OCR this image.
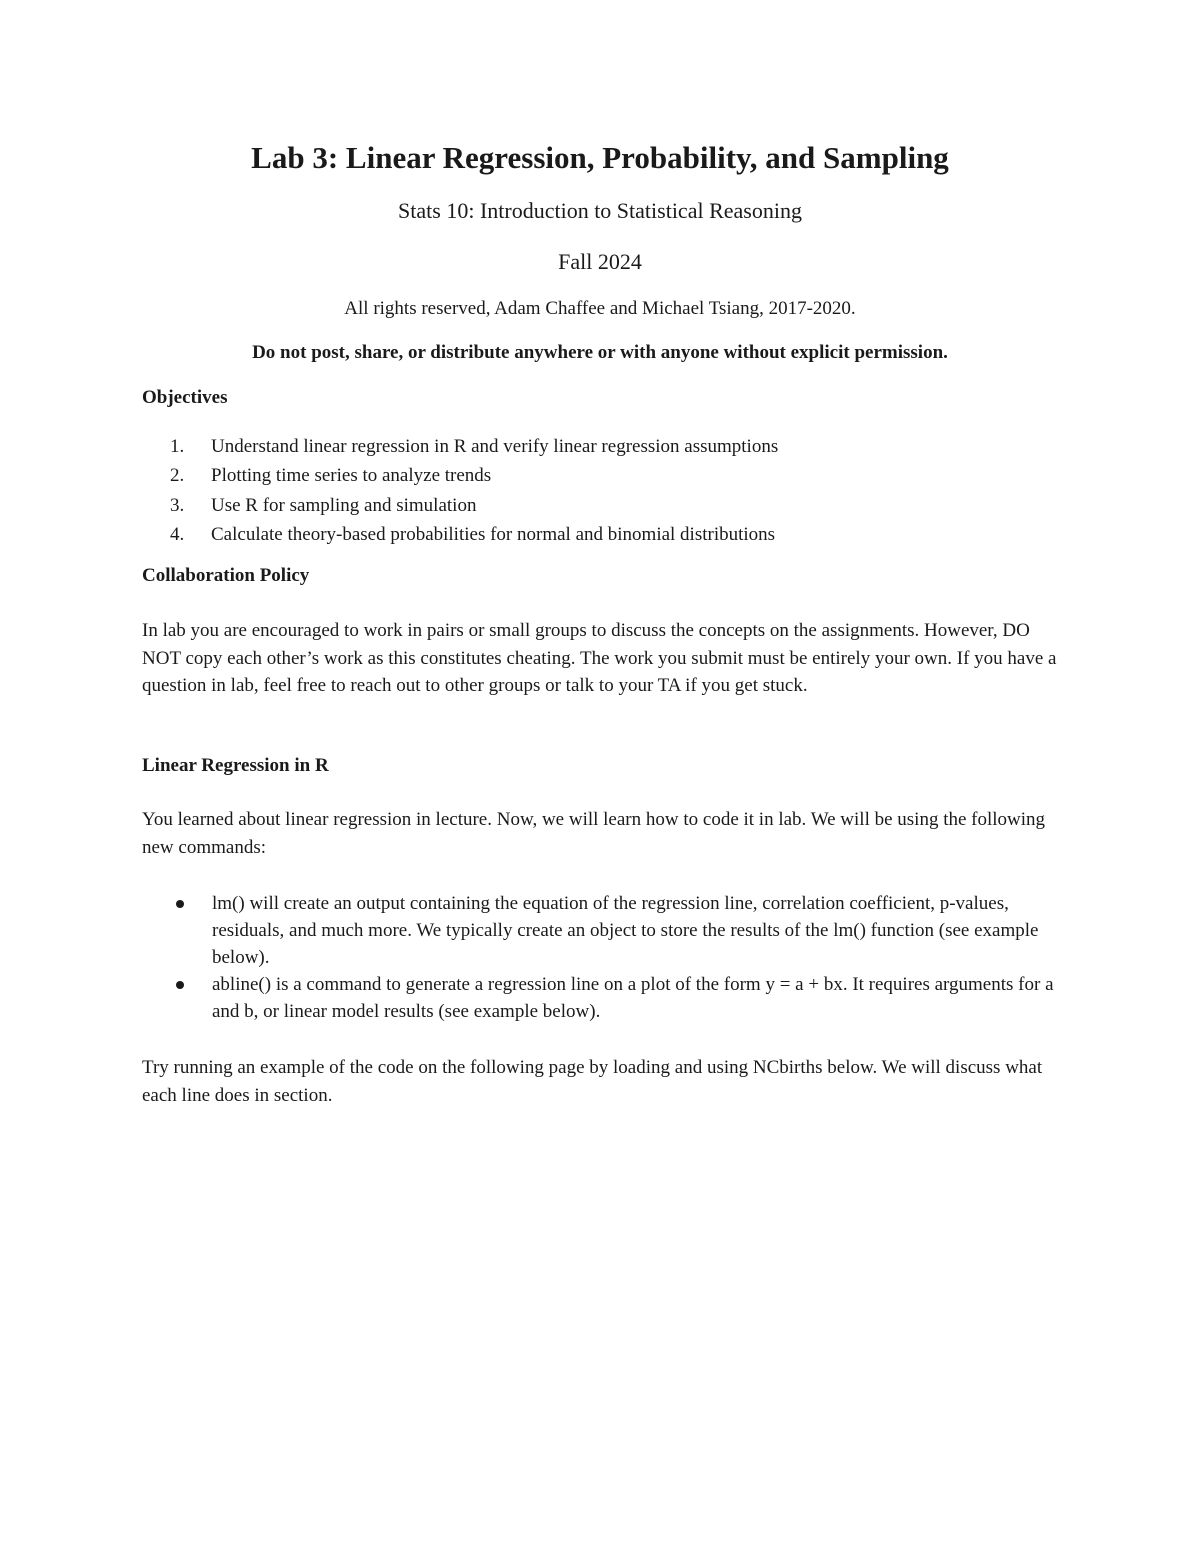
Lab 3: Linear Regression, Probability, and Sampling
Stats 10: Introduction to Statistical Reasoning
Fall 2024
All rights reserved, Adam Chaffee and Michael Tsiang, 2017-2020.
Do not post, share, or distribute anywhere or with anyone without explicit permission.
Objectives
1.	Understand linear regression in R and verify linear regression assumptions
2.	Plotting time series to analyze trends
3.	Use R for sampling and simulation
4.	Calculate theory-based probabilities for normal and binomial distributions
Collaboration Policy
In lab you are encouraged to work in pairs or small groups to discuss the concepts on the assignments. However, DO NOT copy each other’s work as this constitutes cheating. The work you submit must be entirely your own. If you have a question in lab, feel free to reach out to other groups or talk to your TA if you get stuck.
Linear Regression in R
You learned about linear regression in lecture. Now, we will learn how to code it in lab. We will be using the following new commands:
lm() will create an output containing the equation of the regression line, correlation coefficient, p-values, residuals, and much more. We typically create an object to store the results of the lm() function (see example below).
abline() is a command to generate a regression line on a plot of the form y = a + bx. It requires arguments for a and b, or linear model results (see example below).
Try running an example of the code on the following page by loading and using NCbirths below. We will discuss what each line does in section.
